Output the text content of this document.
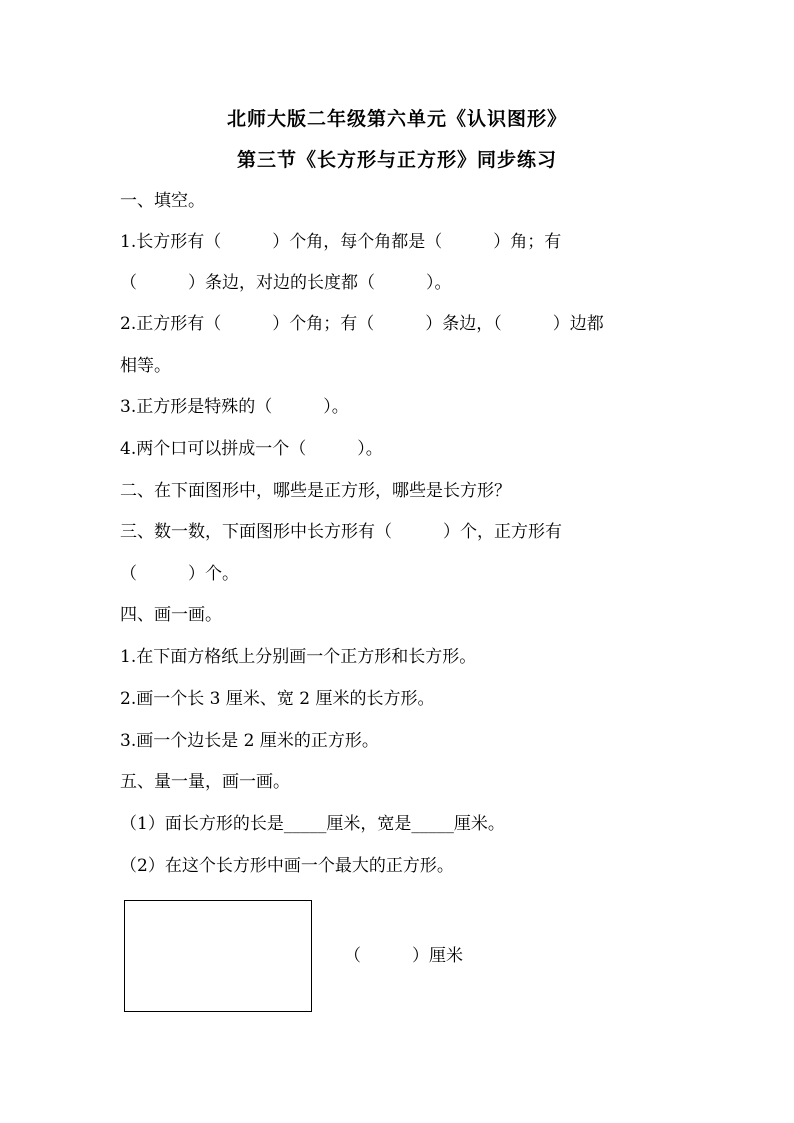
北师大版二年级第六单元《认识图形》
第三节《长方形与正方形》同步练习
一、填空。
1.长方形有（　　　）个角，每个角都是（　　　）角；有
（　　　）条边，对边的长度都（　　　）。
2.正方形有（　　　）个角；有（　　　）条边，（　　　）边都
相等。
3.正方形是特殊的（　　　）。
4.两个口可以拼成一个（　　　）。
二、在下面图形中，哪些是正方形，哪些是长方形？
三、数一数，下面图形中长方形有（　　　）个，正方形有
（　　　）个。
四、画一画。
1.在下面方格纸上分别画一个正方形和长方形。
2.画一个长 3 厘米、宽 2 厘米的长方形。
3.画一个边长是 2 厘米的正方形。
五、量一量，画一画。
（1）面长方形的长是_____厘米，宽是_____厘米。
（2）在这个长方形中画一个最大的正方形。
（　　　）厘米
